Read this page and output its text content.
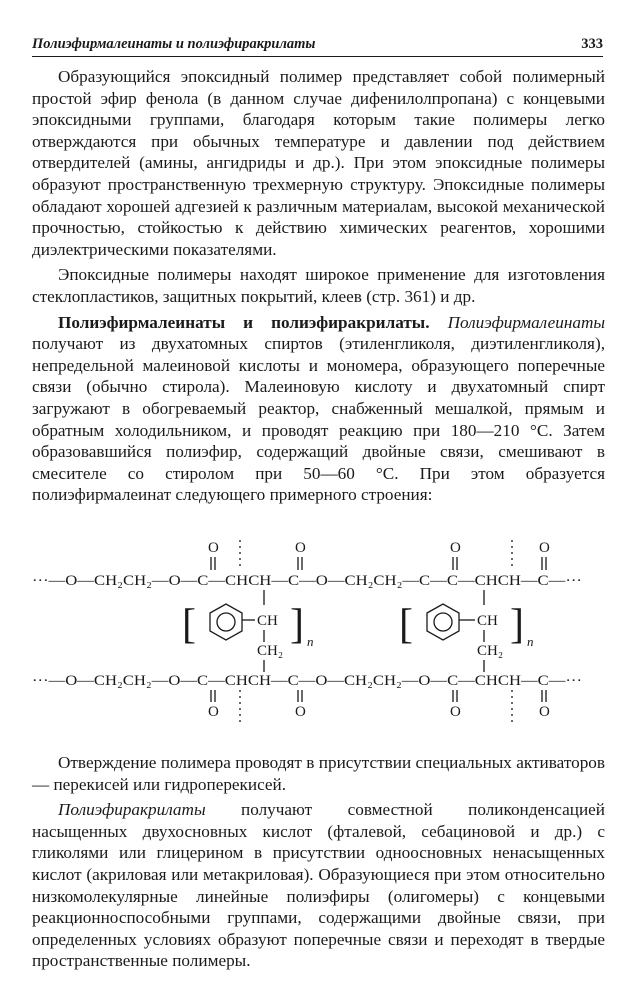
Полиэфирмалеинаты и полиэфиракрилаты	333

Образующийся эпоксидный полимер представляет собой полимерный простой эфир фенола (в данном случае дифенилолпропана) с концевыми эпоксидными группами, благодаря которым такие полимеры легко отверждаются при обычных температуре и давлении под действием отвердителей (амины, ангидриды и др.). При этом эпоксидные полимеры образуют пространственную трехмерную структуру. Эпоксидные полимеры обладают хорошей адгезией к различным материалам, высокой механической прочностью, стойкостью к действию химических реагентов, хорошими диэлектрическими показателями.

Эпоксидные полимеры находят широкое применение для изготовления стеклопластиков, защитных покрытий, клеев (стр. 361) и др.

Полиэфирмалеинаты и полиэфиракрилаты. Полиэфирмалеинаты получают из двухатомных спиртов (этиленгликоля, диэтиленгликоля), непредельной малеиновой кислоты и мономера, образующего поперечные связи (обычно стирола). Малеиновую кислоту и двухатомный спирт загружают в обогреваемый реактор, снабженный мешалкой, прямым и обратным холодильником, и проводят реакцию при 180—210 °С. Затем образовавшийся полиэфир, содержащий двойные связи, смешивают в смесителе со стиролом при 50—60 °С. При этом образуется полиэфирмалеинат следующего примерного строения:

···—O—CH₂CH₂—O—C—CHCH—C—O—CH₂CH₂—C—C—CHCH—C—···
O	O	O	O
[	CH
CH₂
] n [	CH
CH₂
] n
···—O—CH₂CH₂—O—C—CHCH—C—O—CH₂CH₂—O—C—CHCH—C—···
O	O	O	O

Отверждение полимера проводят в присутствии специальных активаторов — перекисей или гидроперекисей.

Полиэфиракрилаты получают совместной поликонденсацией насыщенных двухосновных кислот (фталевой, себациновой и др.) с гликолями или глицерином в присутствии одноосновных ненасыщенных кислот (акриловая или метакриловая). Образующиеся при этом относительно низкомолекулярные линейные полиэфиры (олигомеры) с концевыми реакционноспособными группами, содержащими двойные связи, при определенных условиях образуют поперечные связи и переходят в твердые пространственные полимеры.
